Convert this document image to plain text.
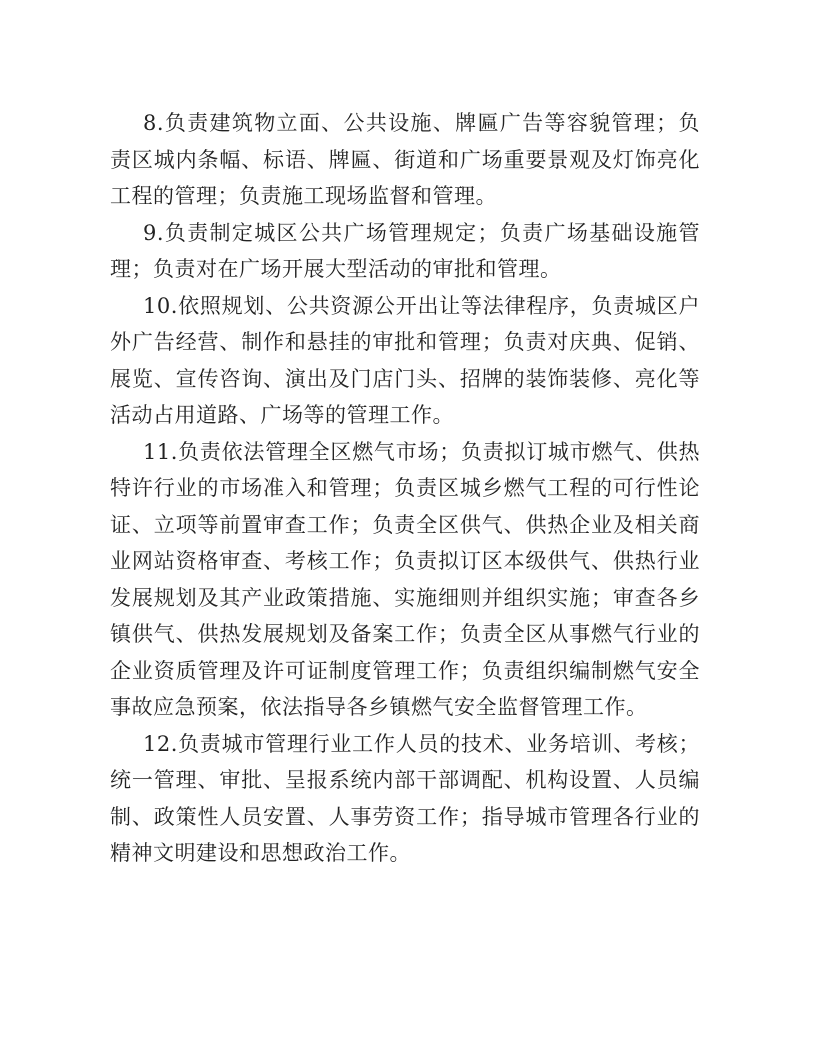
8.负责建筑物立面、公共设施、牌匾广告等容貌管理；负责区城内条幅、标语、牌匾、街道和广场重要景观及灯饰亮化工程的管理；负责施工现场监督和管理。

9.负责制定城区公共广场管理规定；负责广场基础设施管理；负责对在广场开展大型活动的审批和管理。

10.依照规划、公共资源公开出让等法律程序，负责城区户外广告经营、制作和悬挂的审批和管理；负责对庆典、促销、展览、宣传咨询、演出及门店门头、招牌的装饰装修、亮化等活动占用道路、广场等的管理工作。

11.负责依法管理全区燃气市场；负责拟订城市燃气、供热特许行业的市场准入和管理；负责区城乡燃气工程的可行性论证、立项等前置审查工作；负责全区供气、供热企业及相关商业网站资格审查、考核工作；负责拟订区本级供气、供热行业发展规划及其产业政策措施、实施细则并组织实施；审查各乡镇供气、供热发展规划及备案工作；负责全区从事燃气行业的企业资质管理及许可证制度管理工作；负责组织编制燃气安全事故应急预案，依法指导各乡镇燃气安全监督管理工作。

12.负责城市管理行业工作人员的技术、业务培训、考核；统一管理、审批、呈报系统内部干部调配、机构设置、人员编制、政策性人员安置、人事劳资工作；指导城市管理各行业的精神文明建设和思想政治工作。
